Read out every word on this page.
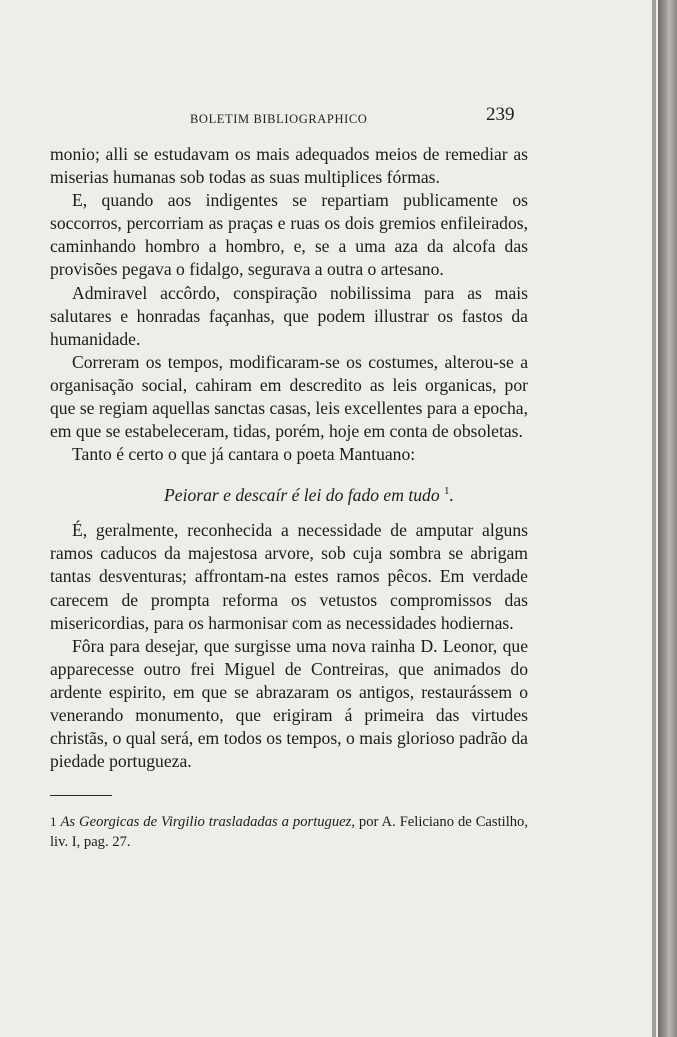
BOLETIM BIBLIOGRAPHICO	239

monio; alli se estudavam os mais adequados meios de remediar as miserias humanas sob todas as suas multiplices fórmas.

E, quando aos indigentes se repartiam publicamente os soccorros, percorriam as praças e ruas os dois gremios enfileirados, caminhando hombro a hombro, e, se a uma aza da alcofa das provisões pegava o fidalgo, segurava a outra o artesano.

Admiravel accôrdo, conspiração nobilissima para as mais salutares e honradas façanhas, que podem illustrar os fastos da humanidade.

Correram os tempos, modificaram-se os costumes, alterou-se a organisação social, cahiram em descredito as leis organicas, por que se regiam aquellas sanctas casas, leis excellentes para a epocha, em que se estabeleceram, tidas, porém, hoje em conta de obsoletas.

Tanto é certo o que já cantara o poeta Mantuano:

Peiorar e descaír é lei do fado em tudo $^1$.

É, geralmente, reconhecida a necessidade de amputar alguns ramos caducos da majestosa arvore, sob cuja sombra se abrigam tantas desventuras; affrontam-na estes ramos pêcos. Em verdade carecem de prompta reforma os vetustos compromissos das misericordias, para os harmonisar com as necessidades hodiernas.

Fôra para desejar, que surgisse uma nova rainha D. Leonor, que apparecesse outro frei Miguel de Contreiras, que animados do ardente espirito, em que se abrazaram os antigos, restaurássem o venerando monumento, que erigiram á primeira das virtudes christãs, o qual será, em todos os tempos, o mais glorioso padrão da piedade portugueza.

1 As Georgicas de Virgilio trasladadas a portuguez, por A. Feliciano de Castilho, liv. I, pag. 27.
